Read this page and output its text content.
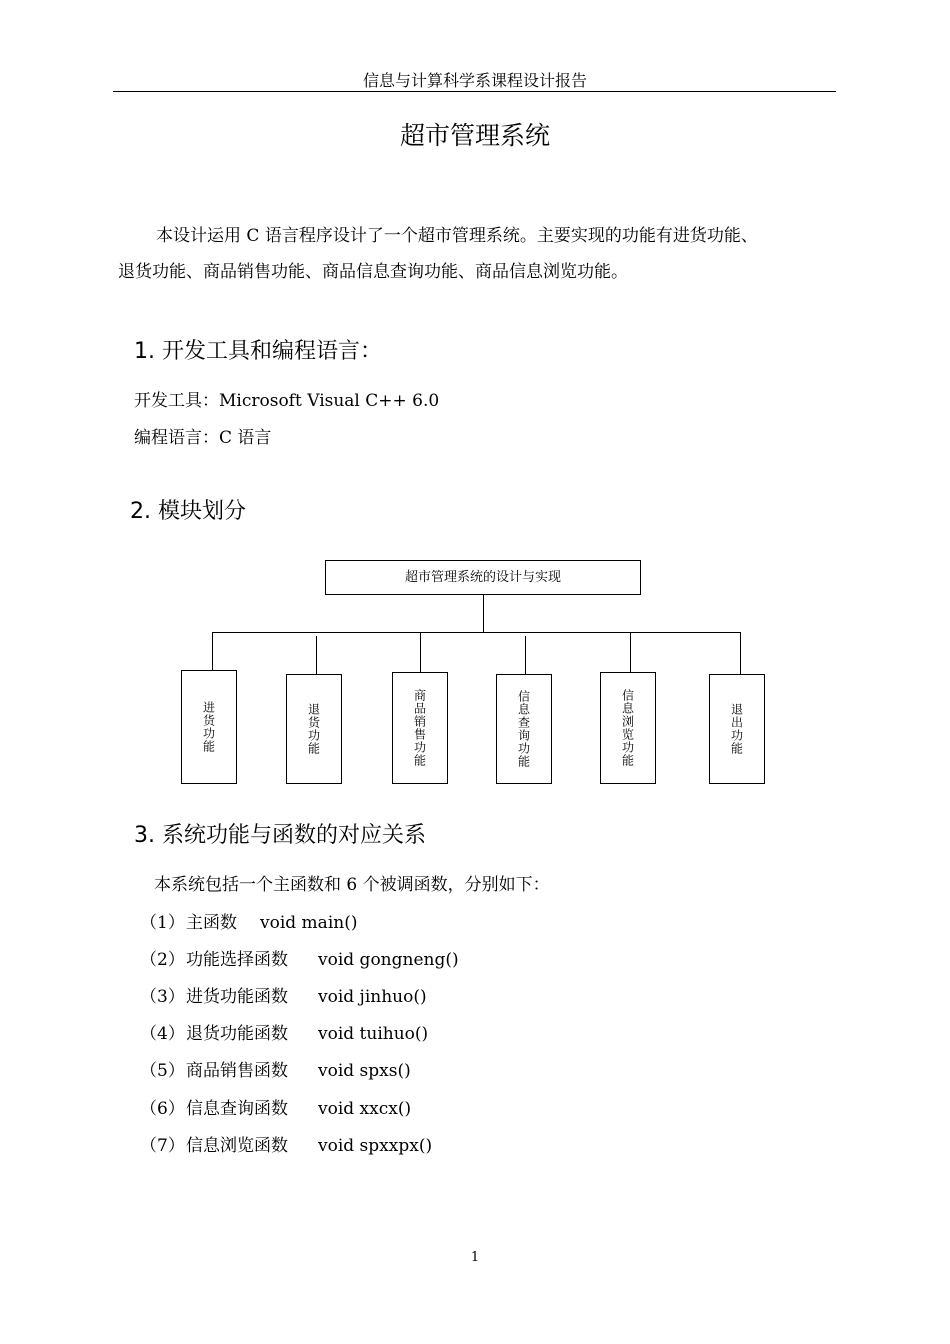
信息与计算科学系课程设计报告
超市管理系统
本设计运用 C 语言程序设计了一个超市管理系统。主要实现的功能有进货功能、
退货功能、商品销售功能、商品信息查询功能、商品信息浏览功能。
1. 开发工具和编程语言：
开发工具：Microsoft Visual C++ 6.0
编程语言：C 语言
2. 模块划分
超市管理系统的设计与实现
进货功能	退货功能	商品销售功能	信息查询功能	信息浏览功能	退出功能
3. 系统功能与函数的对应关系
本系统包括一个主函数和 6 个被调函数，分别如下：
（1）主函数 void main()
（2）功能选择函数 void gongneng()
（3）进货功能函数 void jinhuo()
（4）退货功能函数 void tuihuo()
（5）商品销售函数 void spxs()
（6）信息查询函数 void xxcx()
（7）信息浏览函数 void spxxpx()
1
